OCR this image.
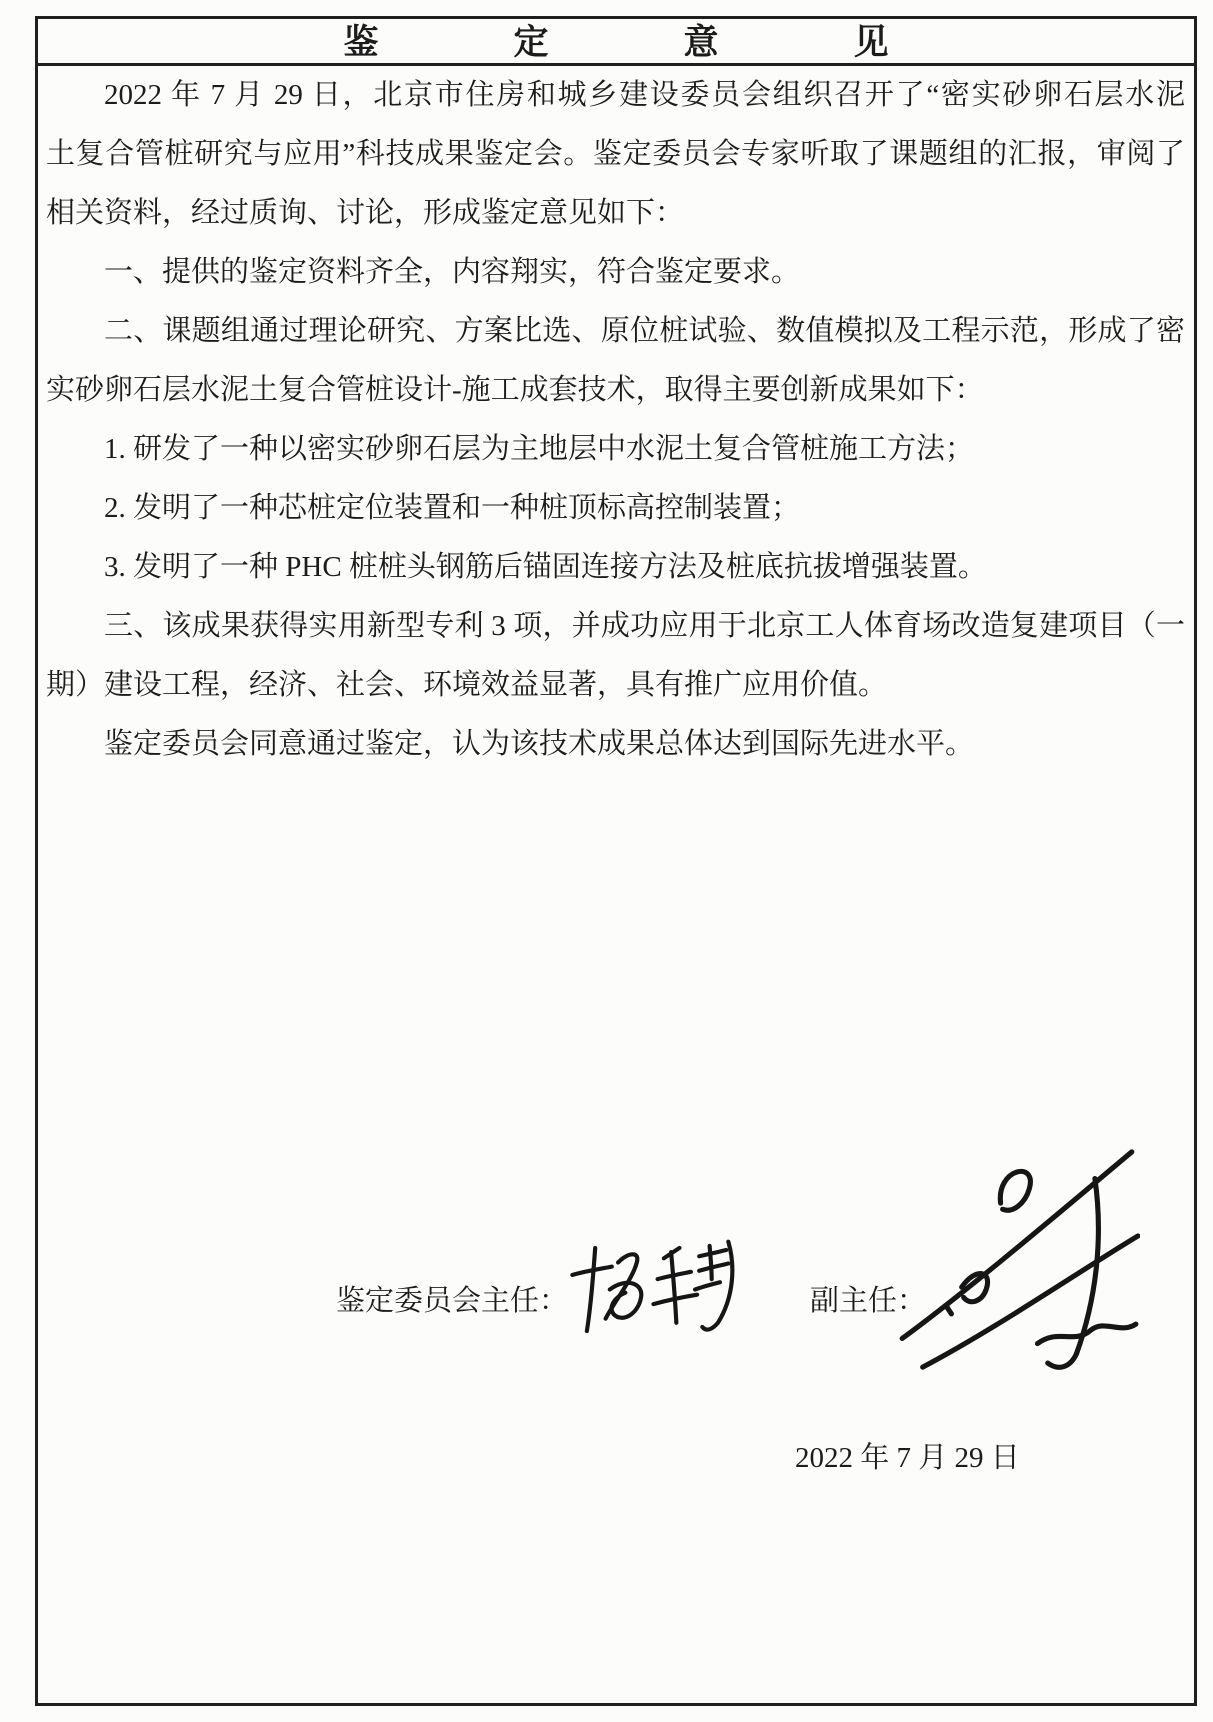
鉴定意见
2022 年 7 月 29 日，北京市住房和城乡建设委员会组织召开了“密实砂卵石层水泥
土复合管桩研究与应用”科技成果鉴定会。鉴定委员会专家听取了课题组的汇报，审阅了
相关资料，经过质询、讨论，形成鉴定意见如下：
一、提供的鉴定资料齐全，内容翔实，符合鉴定要求。
二、课题组通过理论研究、方案比选、原位桩试验、数值模拟及工程示范，形成了密
实砂卵石层水泥土复合管桩设计-施工成套技术，取得主要创新成果如下：
1. 研发了一种以密实砂卵石层为主地层中水泥土复合管桩施工方法；
2. 发明了一种芯桩定位装置和一种桩顶标高控制装置；
3. 发明了一种 PHC 桩桩头钢筋后锚固连接方法及桩底抗拔增强装置。
三、该成果获得实用新型专利 3 项，并成功应用于北京工人体育场改造复建项目（一
期）建设工程，经济、社会、环境效益显著，具有推广应用价值。
鉴定委员会同意通过鉴定，认为该技术成果总体达到国际先进水平。
鉴定委员会主任：	副主任：
2022 年 7 月 29 日
